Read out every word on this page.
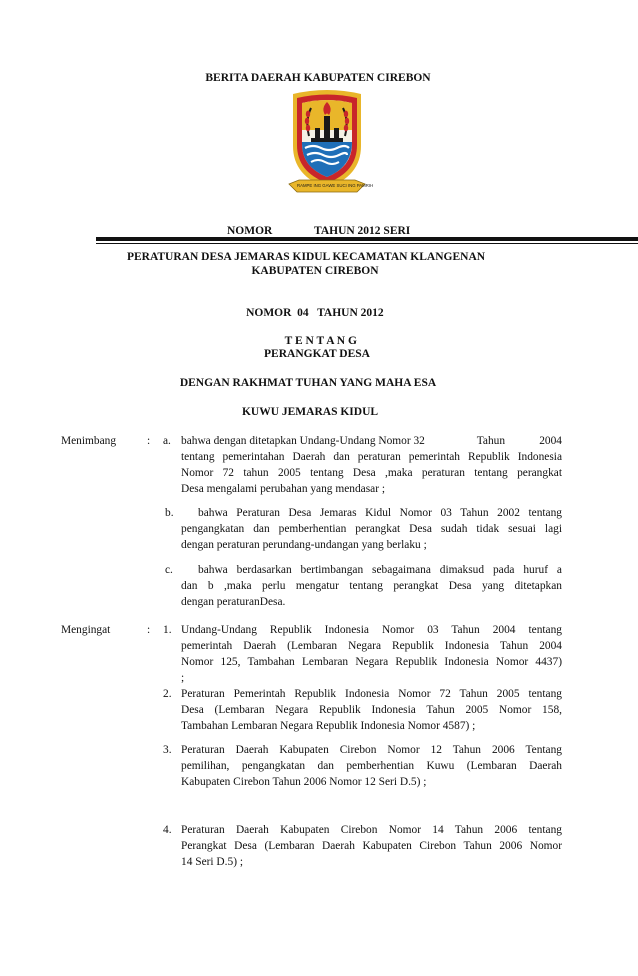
BERITA DAERAH KABUPATEN CIREBON
RAMPE ING GAWE SUCI ING PAMRIH
NOMOR	TAHUN 2012 SERI
PERATURAN DESA JEMARAS KIDUL KECAMATAN KLANGENAN
KABUPATEN CIREBON

NOMOR  04   TAHUN 2012

T E N T A N G

PERANGKAT DESA
DENGAN RAKHMAT TUHAN YANG MAHA ESA
KUWU JEMARAS KIDUL
Menimbang	: a. bahwa dengan ditetapkan Undang-Undang Nomor 32	Tahun            2004
tentang pemerintahan Daerah dan peraturan pemerintah Republik Indonesia
Nomor 72 tahun 2005 tentang Desa ,maka peraturan tentang perangkat
Desa mengalami perubahan yang mendasar ;
b.	bahwa Peraturan Desa Jemaras Kidul Nomor 03 Tahun 2002 tentang
pengangkatan dan pemberhentian perangkat Desa sudah tidak sesuai lagi
dengan peraturan perundang-undangan yang berlaku ;
c.	bahwa berdasarkan bertimbangan sebagaimana dimaksud pada huruf a
dan b ,maka perlu mengatur tentang perangkat Desa yang ditetapkan
dengan peraturanDesa.
Mengingat	: 1. Undang-Undang Republik Indonesia Nomor 03 Tahun 2004 tentang
pemerintah Daerah (Lembaran Negara Republik Indonesia Tahun 2004
Nomor 125, Tambahan Lembaran Negara Republik Indonesia Nomor 4437)
;
2. Peraturan Pemerintah Republik Indonesia Nomor 72 Tahun 2005 tentang
Desa (Lembaran Negara Republik Indonesia Tahun 2005 Nomor 158,
Tambahan Lembaran Negara Republik Indonesia Nomor 4587) ;
3. Peraturan Daerah Kabupaten Cirebon Nomor 12 Tahun 2006 Tentang
pemilihan, pengangkatan dan pemberhentian Kuwu (Lembaran Daerah
Kabupaten Cirebon Tahun 2006 Nomor 12 Seri D.5) ;
4. Peraturan Daerah Kabupaten Cirebon Nomor 14 Tahun 2006 tentang
Perangkat Desa (Lembaran Daerah Kabupaten Cirebon Tahun 2006 Nomor
14 Seri D.5) ;
